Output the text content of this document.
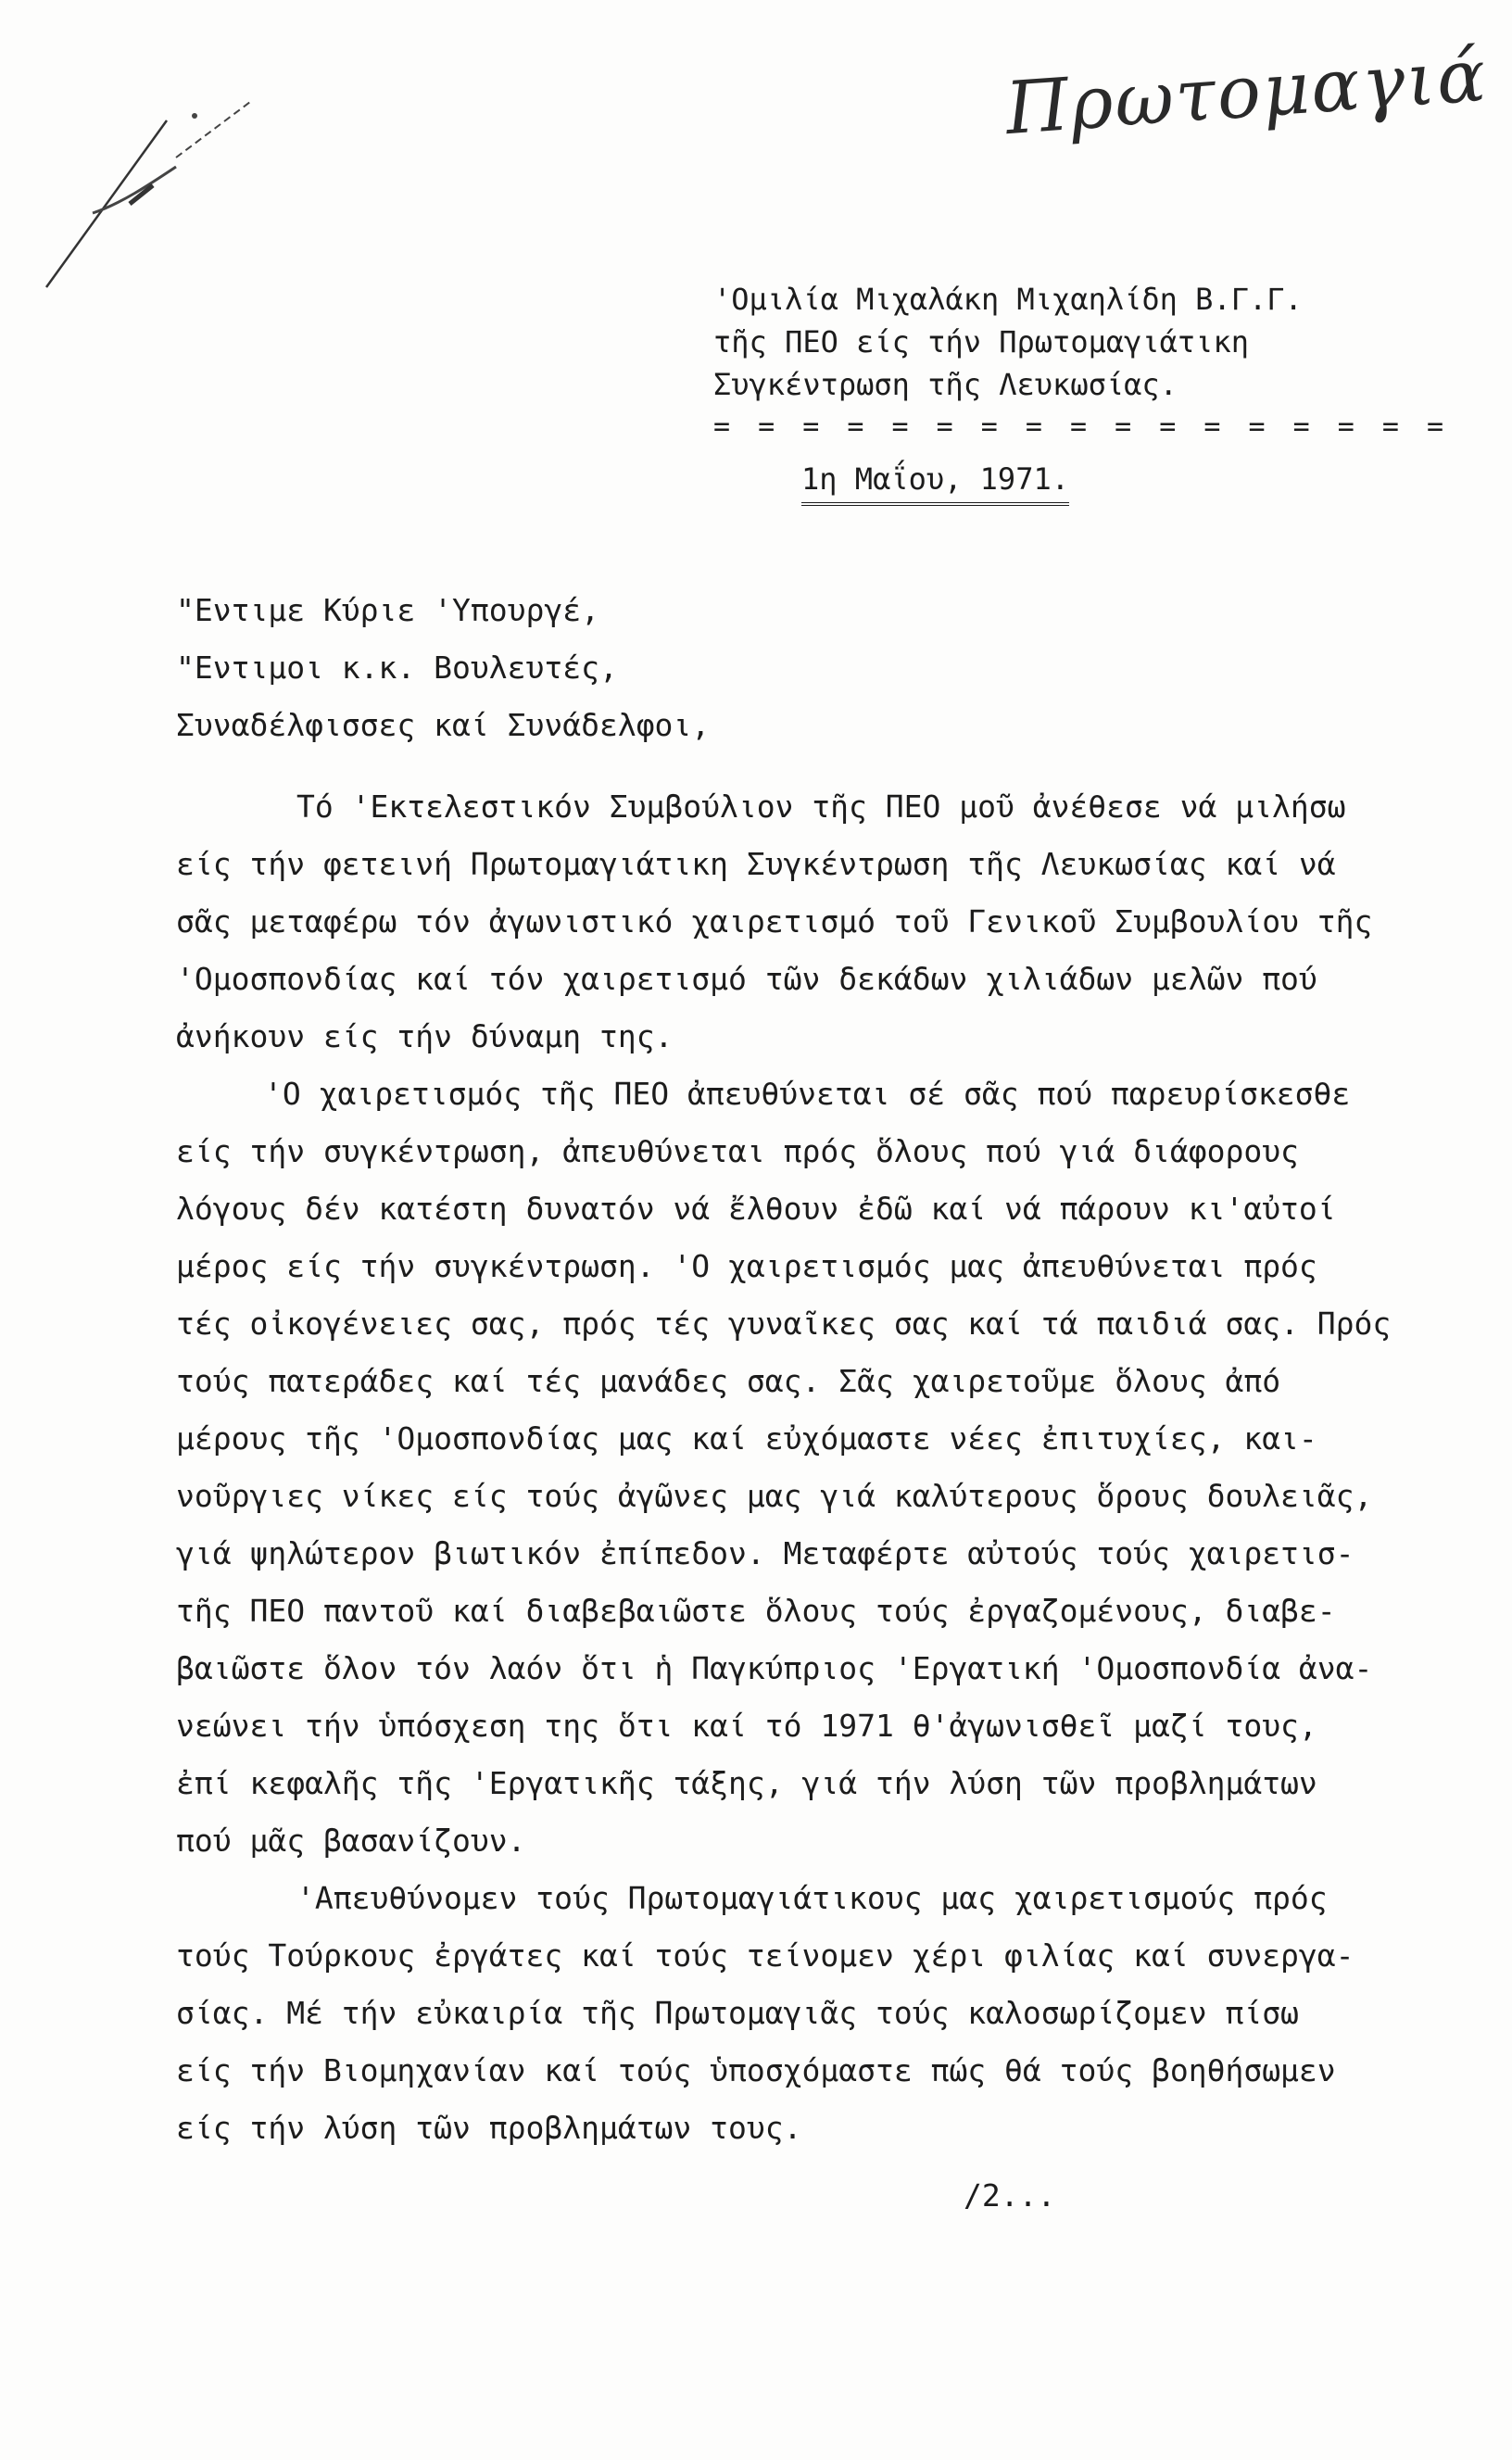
Πρωτομαγιά
'Ομιλία Μιχαλάκη Μιχαηλίδη Β.Γ.Γ.
τῆς ΠΕΟ είς τήν Πρωτομαγιάτικη
Συγκέντρωση τῆς Λευκωσίας.
= = = = = = = = = = = = = = = = =
1η Μαΐου, 1971.
"Εντιμε Κύριε 'Υπουργέ,
"Εντιμοι κ.κ. Βουλευτές,
Συναδέλφισσες καί Συνάδελφοι,
Τό 'Εκτελεστικόν Συμβούλιον τῆς ΠΕΟ μοῦ ἀνέθεσε νά μιλήσω
είς τήν φετεινή Πρωτομαγιάτικη Συγκέντρωση τῆς Λευκωσίας καί νά
σᾶς μεταφέρω τόν ἀγωνιστικό χαιρετισμό τοῦ Γενικοῦ Συμβουλίου τῆς
'Ομοσπονδίας καί τόν χαιρετισμό τῶν δεκάδων χιλιάδων μελῶν πού
ἀνήκουν είς τήν δύναμη της.
'Ο χαιρετισμός τῆς ΠΕΟ ἀπευθύνεται σέ σᾶς πού παρευρίσκεσθε
είς τήν συγκέντρωση, ἀπευθύνεται πρός ὅλους πού γιά διάφορους
λόγους δέν κατέστη δυνατόν νά ἔλθουν ἐδῶ καί νά πάρουν κι'αὐτοί
μέρος είς τήν συγκέντρωση. 'Ο χαιρετισμός μας ἀπευθύνεται πρός
τές οἰκογένειες σας, πρός τές γυναῖκες σας καί τά παιδιά σας. Πρός
τούς πατεράδες καί τές μανάδες σας. Σᾶς χαιρετοῦμε ὅλους ἀπό
μέρους τῆς 'Ομοσπονδίας μας καί εὐχόμαστε νέες ἐπιτυχίες, και-
νοῦργιες νίκες είς τούς ἀγῶνες μας γιά καλύτερους ὅρους δουλειᾶς,
γιά ψηλώτερον βιωτικόν ἐπίπεδον. Μεταφέρτε αὐτούς τούς χαιρετισ-
τῆς ΠΕΟ παντοῦ καί διαβεβαιῶστε ὅλους τούς ἐργαζομένους, διαβε-
βαιῶστε ὅλον τόν λαόν ὅτι ἡ Παγκύπριος 'Εργατική 'Ομοσπονδία ἀνα-
νεώνει τήν ὑπόσχεση της ὅτι καί τό 1971 θ'ἀγωνισθεῖ μαζί τους,
ἐπί κεφαλῆς τῆς 'Εργατικῆς τάξης, γιά τήν λύση τῶν προβλημάτων
πού μᾶς βασανίζουν.
'Απευθύνομεν τούς Πρωτομαγιάτικους μας χαιρετισμούς πρός
τούς Τούρκους ἐργάτες καί τούς τείνομεν χέρι φιλίας καί συνεργα-
σίας. Μέ τήν εὐκαιρία τῆς Πρωτομαγιᾶς τούς καλοσωρίζομεν πίσω
είς τήν Βιομηχανίαν καί τούς ὑποσχόμαστε πώς θά τούς βοηθήσωμεν
είς τήν λύση τῶν προβλημάτων τους.
/2...
